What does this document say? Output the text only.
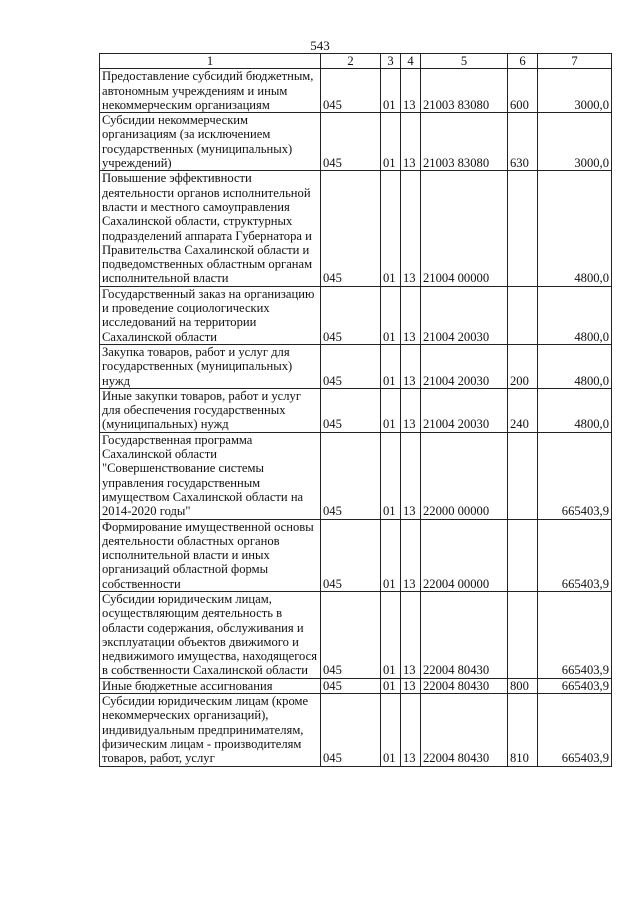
543
1	2	3	4	5	6	7
Предоставление субсидий бюджетным, автономным учреждениям и иным некоммерческим организациям	045	01	13	21003 83080	600	3000,0
Субсидии некоммерческим организациям (за исключением государственных (муниципальных) учреждений)	045	01	13	21003 83080	630	3000,0
Повышение эффективности деятельности органов исполнительной власти и местного самоуправления Сахалинской области, структурных подразделений аппарата Губернатора и Правительства Сахалинской области и подведомственных областным органам исполнительной власти	045	01	13	21004 00000		4800,0
Государственный заказ на организацию и проведение социологических исследований на территории Сахалинской области	045	01	13	21004 20030		4800,0
Закупка товаров, работ и услуг для государственных (муниципальных) нужд	045	01	13	21004 20030	200	4800,0
Иные закупки товаров, работ и услуг для обеспечения государственных (муниципальных) нужд	045	01	13	21004 20030	240	4800,0
Государственная программа Сахалинской области "Совершенствование системы управления государственным имуществом Сахалинской области на 2014-2020 годы"	045	01	13	22000 00000		665403,9
Формирование имущественной основы деятельности областных органов исполнительной власти и иных организаций областной формы собственности	045	01	13	22004 00000		665403,9
Субсидии юридическим лицам, осуществляющим деятельность в области содержания, обслуживания и эксплуатации объектов движимого и недвижимого имущества, находящегося в собственности Сахалинской области	045	01	13	22004 80430		665403,9
Иные бюджетные ассигнования	045	01	13	22004 80430	800	665403,9
Субсидии юридическим лицам (кроме некоммерческих организаций), индивидуальным предпринимателям, физическим лицам - производителям товаров, работ, услуг	045	01	13	22004 80430	810	665403,9
